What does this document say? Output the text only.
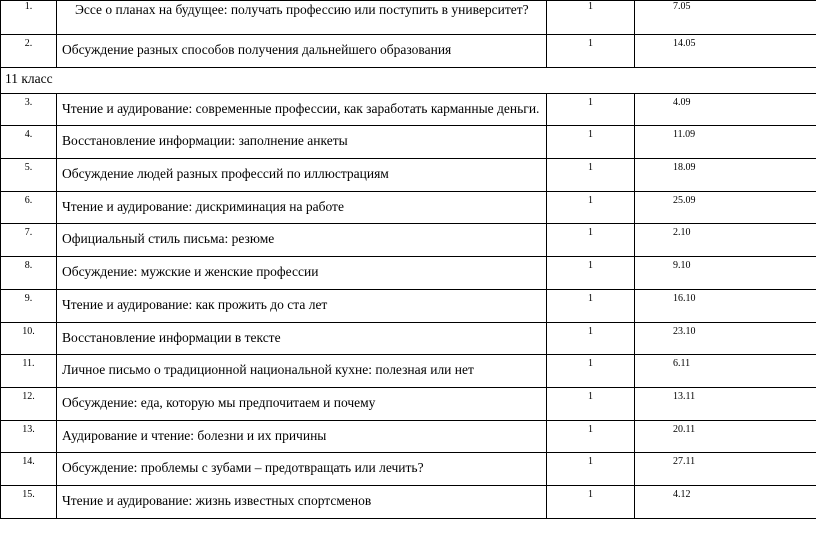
1.	Эссе о планах на будущее: получать профессию или поступить в университет?	1	7.05
2.	Обсуждение разных способов получения дальнейшего образования	1	14.05
11 класс			
3.	Чтение и аудирование: современные профессии, как заработать карманные деньги.	1	4.09
4.	Восстановление информации: заполнение анкеты	1	11.09
5.	Обсуждение людей разных профессий по иллюстрациям	1	18.09
6.	Чтение и аудирование: дискриминация на работе	1	25.09
7.	Официальный стиль письма: резюме	1	2.10
8.	Обсуждение: мужские и женские профессии	1	9.10
9.	Чтение и аудирование: как прожить до ста лет	1	16.10
10.	Восстановление информации в тексте	1	23.10
11.	Личное письмо о традиционной национальной кухне: полезная или нет	1	6.11
12.	Обсуждение: еда, которую мы предпочитаем и почему	1	13.11
13.	Аудирование и чтение: болезни и их причины	1	20.11
14.	Обсуждение: проблемы с зубами – предотвращать или лечить?	1	27.11
15.	Чтение и аудирование: жизнь известных спортсменов	1	4.12
